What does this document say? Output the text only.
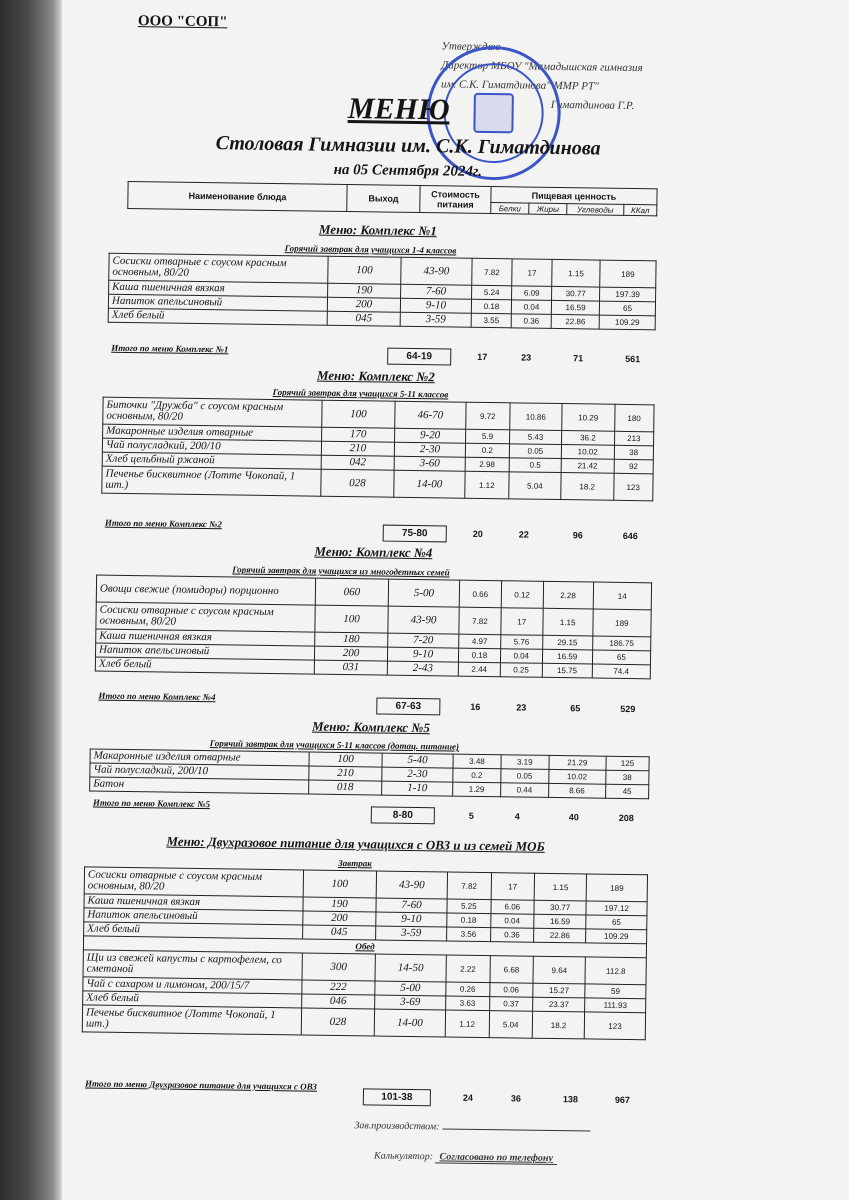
ООО "СОП"
Утверждаю
Директор МБОУ "Мамадышская гимназия
им. С.К. Гиматдинова" ММР РТ"
Гиматдинова Г.Р.
МЕНЮ
Столовая Гимназии им. С.К. Гиматдинова
на 05 Сентября 2024г.
Наименование блюда	Выход	Стоимость питания	Пищевая ценность			
			Белки	Жиры	Углеводы	ККал
Меню: Комплекс №1
Горячий завтрак для учащихся 1-4 классов
Сосиски отварные с соусом красным основным, 80/20	100	43-90	7.82	17	1.15	189
Каша пшеничная вязкая	190	7-60	5.24	6.09	30.77	197.39
Напиток апельсиновый	200	9-10	0.18	0.04	16.59	65
Хлеб белый	045	3-59	3.55	0.36	22.86	109.29
Итого по меню Комплекс №1
64-19	17	23	71	561
Меню: Комплекс №2
Горячий завтрак для учащихся 5-11 классов
Биточки "Дружба" с соусом красным основным, 80/20	100	46-70	9.72	10.86	10.29	180
Макаронные изделия отварные	170	9-20	5.9	5.43	36.2	213
Чай полусладкий, 200/10	210	2-30	0.2	0.05	10.02	38
Хлеб цельбный ржаной	042	3-60	2.98	0.5	21.42	92
Печенье бисквитное (Лотте Чокопай, 1 шт.)	028	14-00	1.12	5.04	18.2	123
Итого по меню Комплекс №2
75-80	20	22	96	646
Меню: Комплекс №4
Горячий завтрак для учащихся из многодетных семей
Овощи свежие (помидоры) порционно	060	5-00	0.66	0.12	2.28	14
Сосиски отварные с соусом красным основным, 80/20	100	43-90	7.82	17	1.15	189
Каша пшеничная вязкая	180	7-20	4.97	5.76	29.15	186.75
Напиток апельсиновый	200	9-10	0.18	0.04	16.59	65
Хлеб белый	031	2-43	2.44	0.25	15.75	74.4
Итого по меню Комплекс №4
67-63	16	23	65	529
Меню: Комплекс №5
Горячий завтрак для учащихся 5-11 классов (дотац. питание)
Макаронные изделия отварные	100	5-40	3.48	3.19	21.29	125
Чай полусладкий, 200/10	210	2-30	0.2	0.05	10.02	38
Батон	018	1-10	1.29	0.44	8.66	45
Итого по меню Комплекс №5
8-80	5	4	40	208
Меню: Двухразовое питание для учащихся с ОВЗ и из семей МОБ
Завтрак
Сосиски отварные с соусом красным основным, 80/20	100	43-90	7.82	17	1.15	189
Каша пшеничная вязкая	190	7-60	5.25	6.06	30.77	197.12
Напиток апельсиновый	200	9-10	0.18	0.04	16.59	65
Хлеб белый	045	3-59	3.56	0.36	22.86	109.29
Обед						
Щи из свежей капусты с картофелем, со сметаной	300	14-50	2.22	6.68	9.64	112.8
Чай с сахаром и лимоном, 200/15/7	222	5-00	0.26	0.06	15.27	59
Хлеб белый	046	3-69	3.63	0.37	23.37	111.93
Печенье бисквитное (Лотте Чокопай, 1 шт.)	028	14-00	1.12	5.04	18.2	123
Итого по меню Двухразовое питание для учащихся с ОВЗ
101-38	24	36	138	967
Зав.производством:
Калькулятор: Согласовано по телефону
